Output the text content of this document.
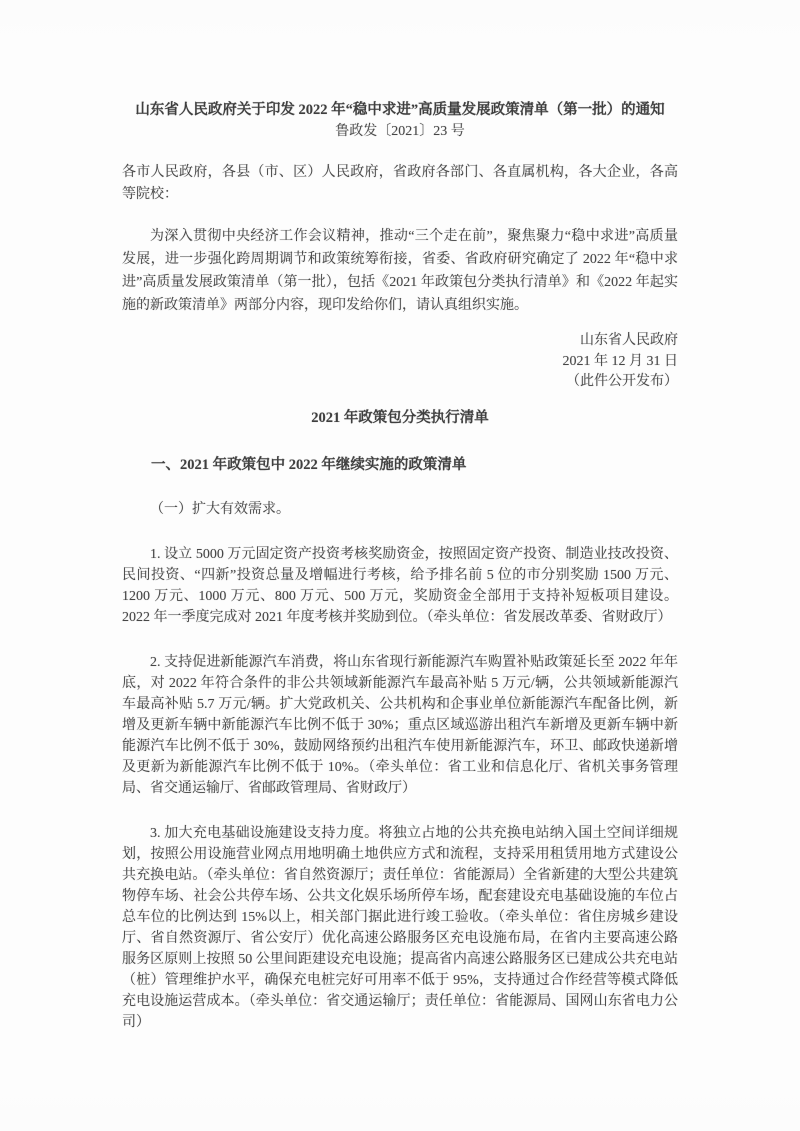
山东省人民政府关于印发 2022 年“稳中求进”高质量发展政策清单（第一批）的通知
鲁政发〔2021〕23 号

各市人民政府，各县（市、区）人民政府，省政府各部门、各直属机构，各大企业，各高等院校：

为深入贯彻中央经济工作会议精神，推动“三个走在前”，聚焦聚力“稳中求进”高质量发展，进一步强化跨周期调节和政策统筹衔接，省委、省政府研究确定了 2022 年“稳中求进”高质量发展政策清单（第一批），包括《2021 年政策包分类执行清单》和《2022 年起实施的新政策清单》两部分内容，现印发给你们，请认真组织实施。

山东省人民政府
2021 年 12 月 31 日
（此件公开发布）
2021 年政策包分类执行清单
一、2021 年政策包中 2022 年继续实施的政策清单

（一）扩大有效需求。

1. 设立 5000 万元固定资产投资考核奖励资金，按照固定资产投资、制造业技改投资、民间投资、“四新”投资总量及增幅进行考核，给予排名前 5 位的市分别奖励 1500 万元、1200 万元、1000 万元、800 万元、500 万元，奖励资金全部用于支持补短板项目建设。2022 年一季度完成对 2021 年度考核并奖励到位。（牵头单位：省发展改革委、省财政厅）

2. 支持促进新能源汽车消费，将山东省现行新能源汽车购置补贴政策延长至 2022 年年底，对 2022 年符合条件的非公共领域新能源汽车最高补贴 5 万元/辆，公共领域新能源汽车最高补贴 5.7 万元/辆。扩大党政机关、公共机构和企事业单位新能源汽车配备比例，新增及更新车辆中新能源汽车比例不低于 30%；重点区域巡游出租汽车新增及更新车辆中新能源汽车比例不低于 30%，鼓励网络预约出租汽车使用新能源汽车，环卫、邮政快递新增及更新为新能源汽车比例不低于 10%。（牵头单位：省工业和信息化厅、省机关事务管理局、省交通运输厅、省邮政管理局、省财政厅）

3. 加大充电基础设施建设支持力度。将独立占地的公共充换电站纳入国土空间详细规划，按照公用设施营业网点用地明确土地供应方式和流程，支持采用租赁用地方式建设公共充换电站。（牵头单位：省自然资源厅；责任单位：省能源局）全省新建的大型公共建筑物停车场、社会公共停车场、公共文化娱乐场所停车场，配套建设充电基础设施的车位占总车位的比例达到 15%以上，相关部门据此进行竣工验收。（牵头单位：省住房城乡建设厅、省自然资源厅、省公安厅）优化高速公路服务区充电设施布局，在省内主要高速公路服务区原则上按照 50 公里间距建设充电设施；提高省内高速公路服务区已建成公共充电站（桩）管理维护水平，确保充电桩完好可用率不低于 95%，支持通过合作经营等模式降低充电设施运营成本。（牵头单位：省交通运输厅；责任单位：省能源局、国网山东省电力公司）
